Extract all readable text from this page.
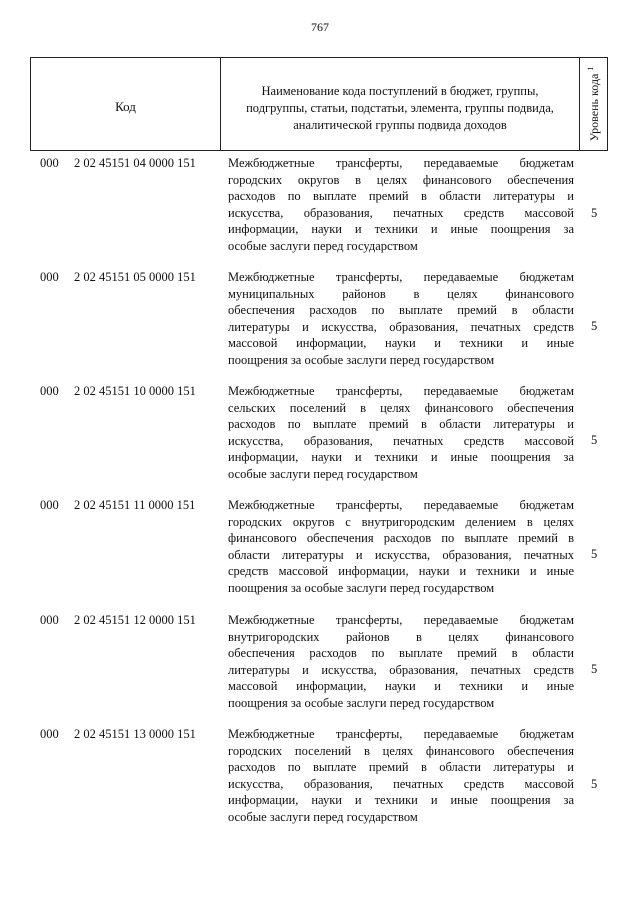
767
Код
Наименование кода поступлений в бюджет, группы,
подгруппы, статьи, подстатьи, элемента, группы подвида,
аналитической группы подвида доходов	Уровень кода $^1$
000 2 02 45151 04 0000 151	Межбюджетные трансферты, передаваемые бюджетам
городских округов в целях финансового обеспечения
расходов по выплате премий в области литературы и
искусства, образования, печатных средств массовой
информации, науки и техники и иные поощрения за
особые заслуги перед государством
5
000 2 02 45151 05 0000 151	Межбюджетные трансферты, передаваемые бюджетам
муниципальных районов в целях финансового
обеспечения расходов по выплате премий в области
литературы и искусства, образования, печатных средств
массовой информации, науки и техники и иные
поощрения за особые заслуги перед государством
5
000 2 02 45151 10 0000 151	Межбюджетные трансферты, передаваемые бюджетам
сельских поселений в целях финансового обеспечения
расходов по выплате премий в области литературы и
искусства, образования, печатных средств массовой
информации, науки и техники и иные поощрения за
особые заслуги перед государством
5
000 2 02 45151 11 0000 151	Межбюджетные трансферты, передаваемые бюджетам
городских округов с внутригородским делением в целях
финансового обеспечения расходов по выплате премий в
области литературы и искусства, образования, печатных
средств массовой информации, науки и техники и иные
поощрения за особые заслуги перед государством
5
000 2 02 45151 12 0000 151	Межбюджетные трансферты, передаваемые бюджетам
внутригородских районов в целях финансового
обеспечения расходов по выплате премий в области
литературы и искусства, образования, печатных средств
массовой информации, науки и техники и иные
поощрения за особые заслуги перед государством
5
000 2 02 45151 13 0000 151	Межбюджетные трансферты, передаваемые бюджетам
городских поселений в целях финансового обеспечения
расходов по выплате премий в области литературы и
искусства, образования, печатных средств массовой
информации, науки и техники и иные поощрения за
особые заслуги перед государством
5
